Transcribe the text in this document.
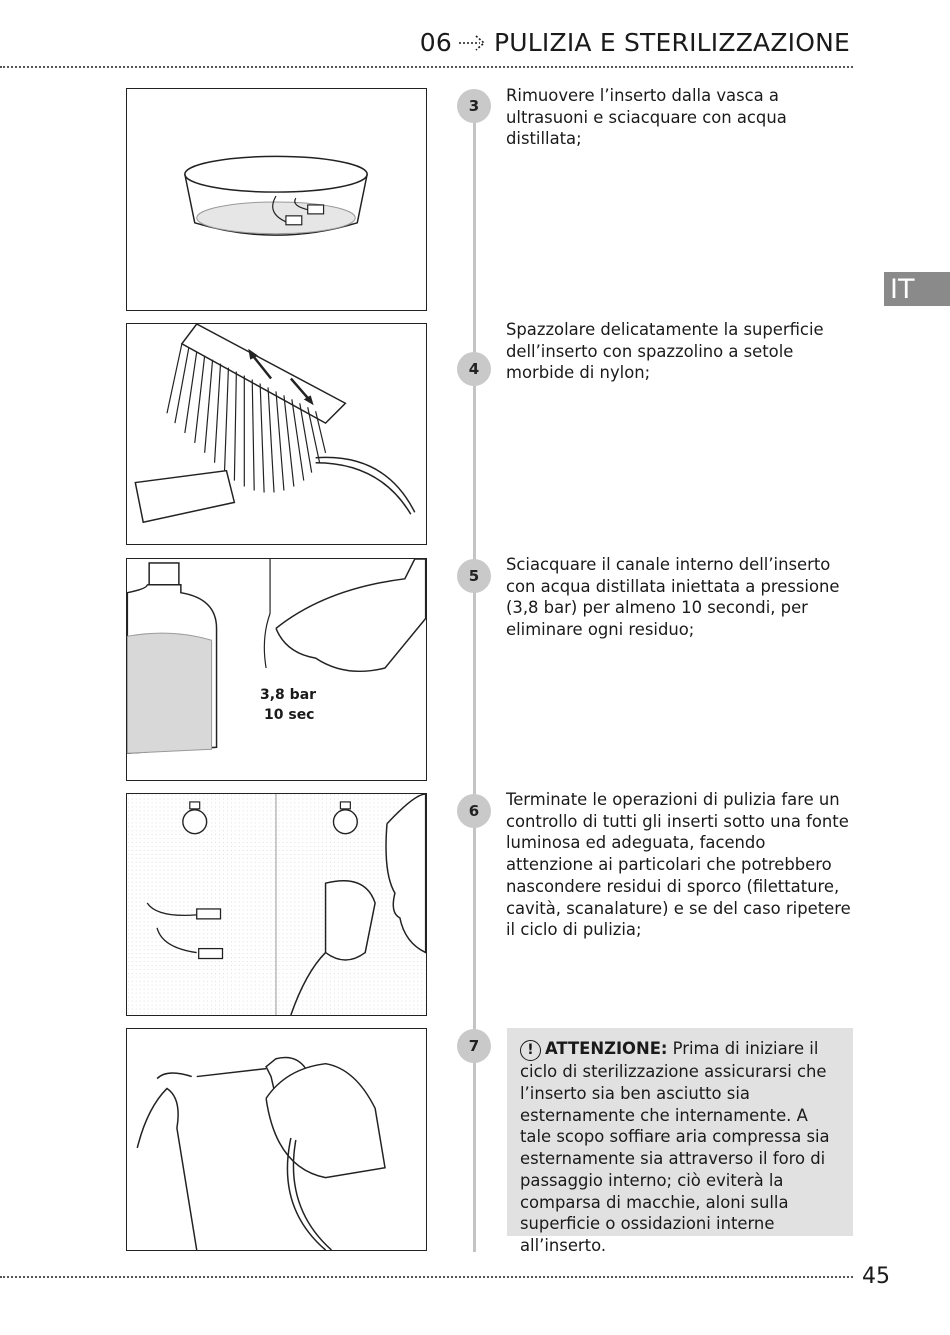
06 PULIZIA E STERILIZZAZIONE
IT
3
4
5
6
7
Rimuovere l’inserto dalla vasca a ultrasuoni e sciacquare con acqua distillata;
Spazzolare delicatamente la superficie dell’inserto con spazzolino a setole morbide di nylon;
Sciacquare il canale interno dell’inserto con acqua distillata iniettata a pressione (3,8 bar) per almeno 10 secondi, per eliminare ogni residuo;
Terminate le operazioni di pulizia fare un controllo di tutti gli inserti sotto una fonte luminosa ed adeguata, facendo attenzione ai particolari che potrebbero nascondere residui di sporco (filettature, cavità, scanalature) e se del caso ripetere il ciclo di pulizia;
! ATTENZIONE: Prima di iniziare il ciclo di sterilizzazione assicurarsi che l’inserto sia ben asciutto sia esternamente che internamente. A tale scopo soffiare aria compressa sia esternamente sia attraverso il foro di passaggio interno; ciò eviterà la comparsa di macchie, aloni sulla superficie o ossidazioni interne all’inserto.
3,8 bar
10 sec
45
